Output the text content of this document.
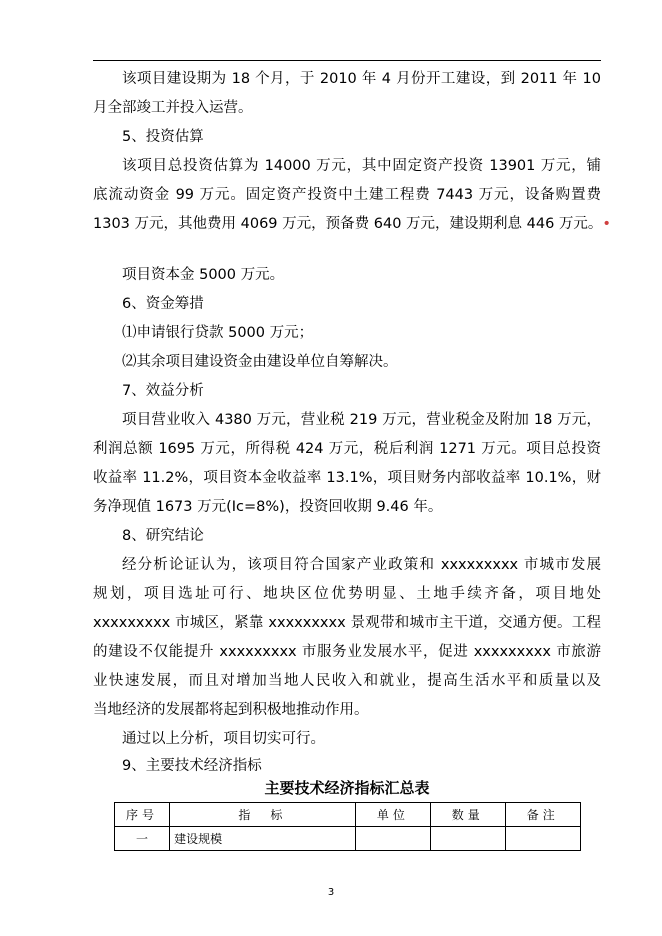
该项目建设期为 18 个月，于 2010 年 4 月份开工建设，到 2011 年 10
月全部竣工并投入运营。

5、投资估算

该项目总投资估算为 14000 万元，其中固定资产投资 13901 万元，铺
底流动资金 99 万元。固定资产投资中土建工程费 7443 万元，设备购置费
1303 万元，其他费用 4069 万元，预备费 640 万元，建设期利息 446 万元。•

项目资本金 5000 万元。

6、资金筹措

⑴申请银行贷款 5000 万元；

⑵其余项目建设资金由建设单位自筹解决。

7、效益分析

项目营业收入 4380 万元，营业税 219 万元，营业税金及附加 18 万元，
利润总额 1695 万元，所得税 424 万元，税后利润 1271 万元。项目总投资
收益率 11.2%，项目资本金收益率 13.1%，项目财务内部收益率 10.1%，财
务净现值 1673 万元(Ic=8%)，投资回收期 9.46 年。

8、研究结论

经分析论证认为，该项目符合国家产业政策和 xxxxxxxxx 市城市发展
规划，项目选址可行、地块区位优势明显、土地手续齐备，项目地处
xxxxxxxxx 市城区，紧靠 xxxxxxxxx 景观带和城市主干道，交通方便。工程
的建设不仅能提升 xxxxxxxxx 市服务业发展水平，促进 xxxxxxxxx 市旅游
业快速发展，而且对增加当地人民收入和就业，提高生活水平和质量以及
当地经济的发展都将起到积极地推动作用。

通过以上分析，项目切实可行。

9、主要技术经济指标

主要技术经济指标汇总表
序号	指　标	单位	数量	备注
一	建设规模			
3
